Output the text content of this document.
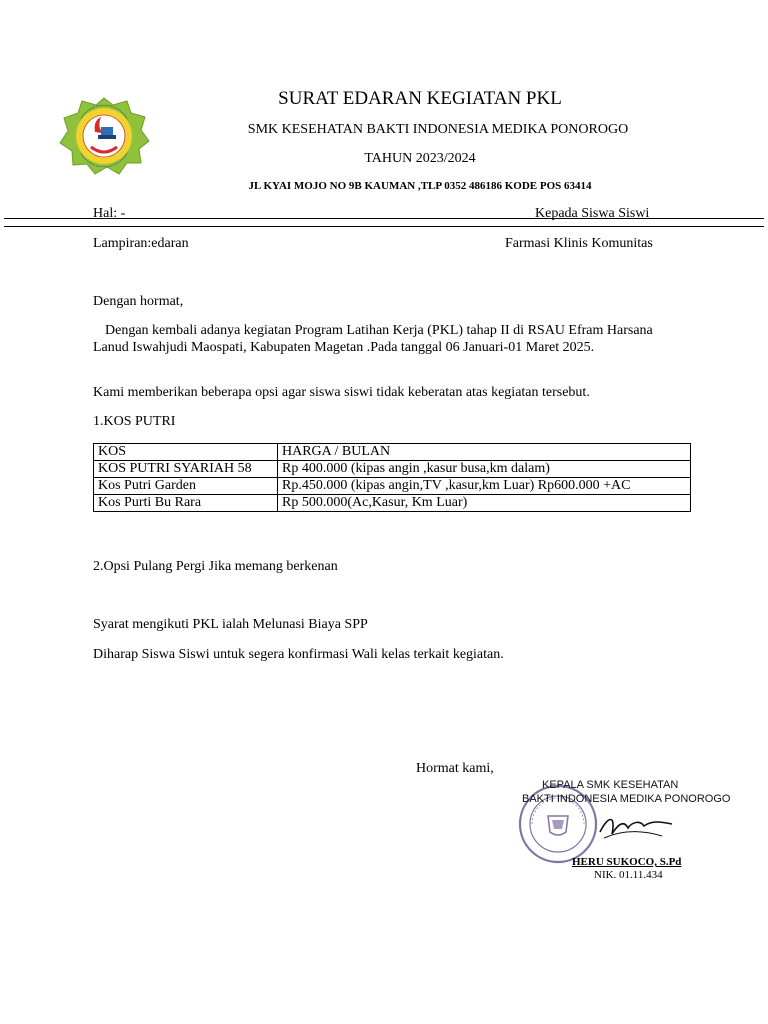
SURAT EDARAN KEGIATAN PKL
SMK KESEHATAN BAKTI INDONESIA MEDIKA PONOROGO
TAHUN 2023/2024
JL KYAI MOJO NO 9B KAUMAN ,TLP 0352 486186 KODE POS 63414
Hal: -	Kepada Siswa Siswi
Lampiran:edaran	Farmasi Klinis Komunitas
Dengan hormat,
Dengan kembali adanya kegiatan Program Latihan Kerja (PKL) tahap II di RSAU Efram Harsana Lanud Iswahjudi Maospati, Kabupaten Magetan .Pada tanggal 06 Januari-01 Maret 2025.
Kami memberikan beberapa opsi agar siswa siswi tidak keberatan atas kegiatan tersebut.
1.KOS PUTRI
KOS	HARGA / BULAN
KOS PUTRI SYARIAH 58	Rp 400.000 (kipas angin ,kasur busa,km dalam)
Kos Putri Garden	Rp.450.000 (kipas angin,TV ,kasur,km Luar) Rp600.000 +AC
Kos Purti Bu Rara	Rp 500.000(Ac,Kasur, Km Luar)
2.Opsi Pulang Pergi Jika memang berkenan
Syarat mengikuti PKL ialah Melunasi Biaya SPP
Diharap Siswa Siswi untuk segera konfirmasi Wali kelas terkait kegiatan.
Hormat kami,
KEPALA SMK KESEHATAN
BAKTI INDONESIA MEDIKA PONOROGO
HERU SUKOCO, S.Pd
NIK. 01.11.434
